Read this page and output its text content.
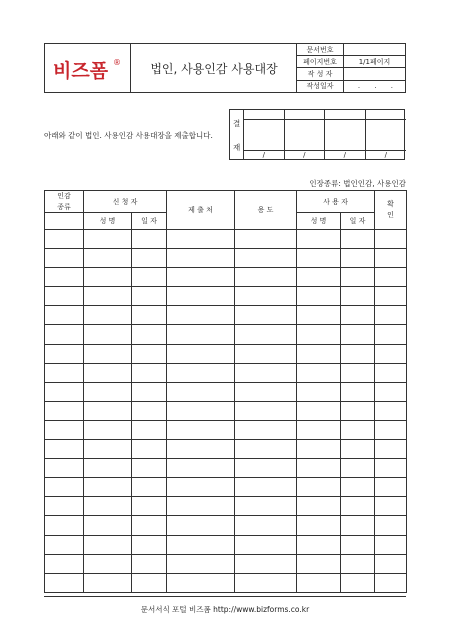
비즈폼 ®	법인, 사용인감 사용대장
문서번호	
페이지번호	1/1페이지
작 성 자	
작성일자	. . .
아래와 같이 법인. 사용인감 사용대장을 제출합니다.
결
재
/	/	/	/
인장종류: 법인인감, 사용인감
인감
종류	신 청 자		제 출 처	용 도	사 용 자		확
인
	성 명	일 자			성 명	일 자	

문서서식 포털 비즈폼 http://www.bizforms.co.kr
